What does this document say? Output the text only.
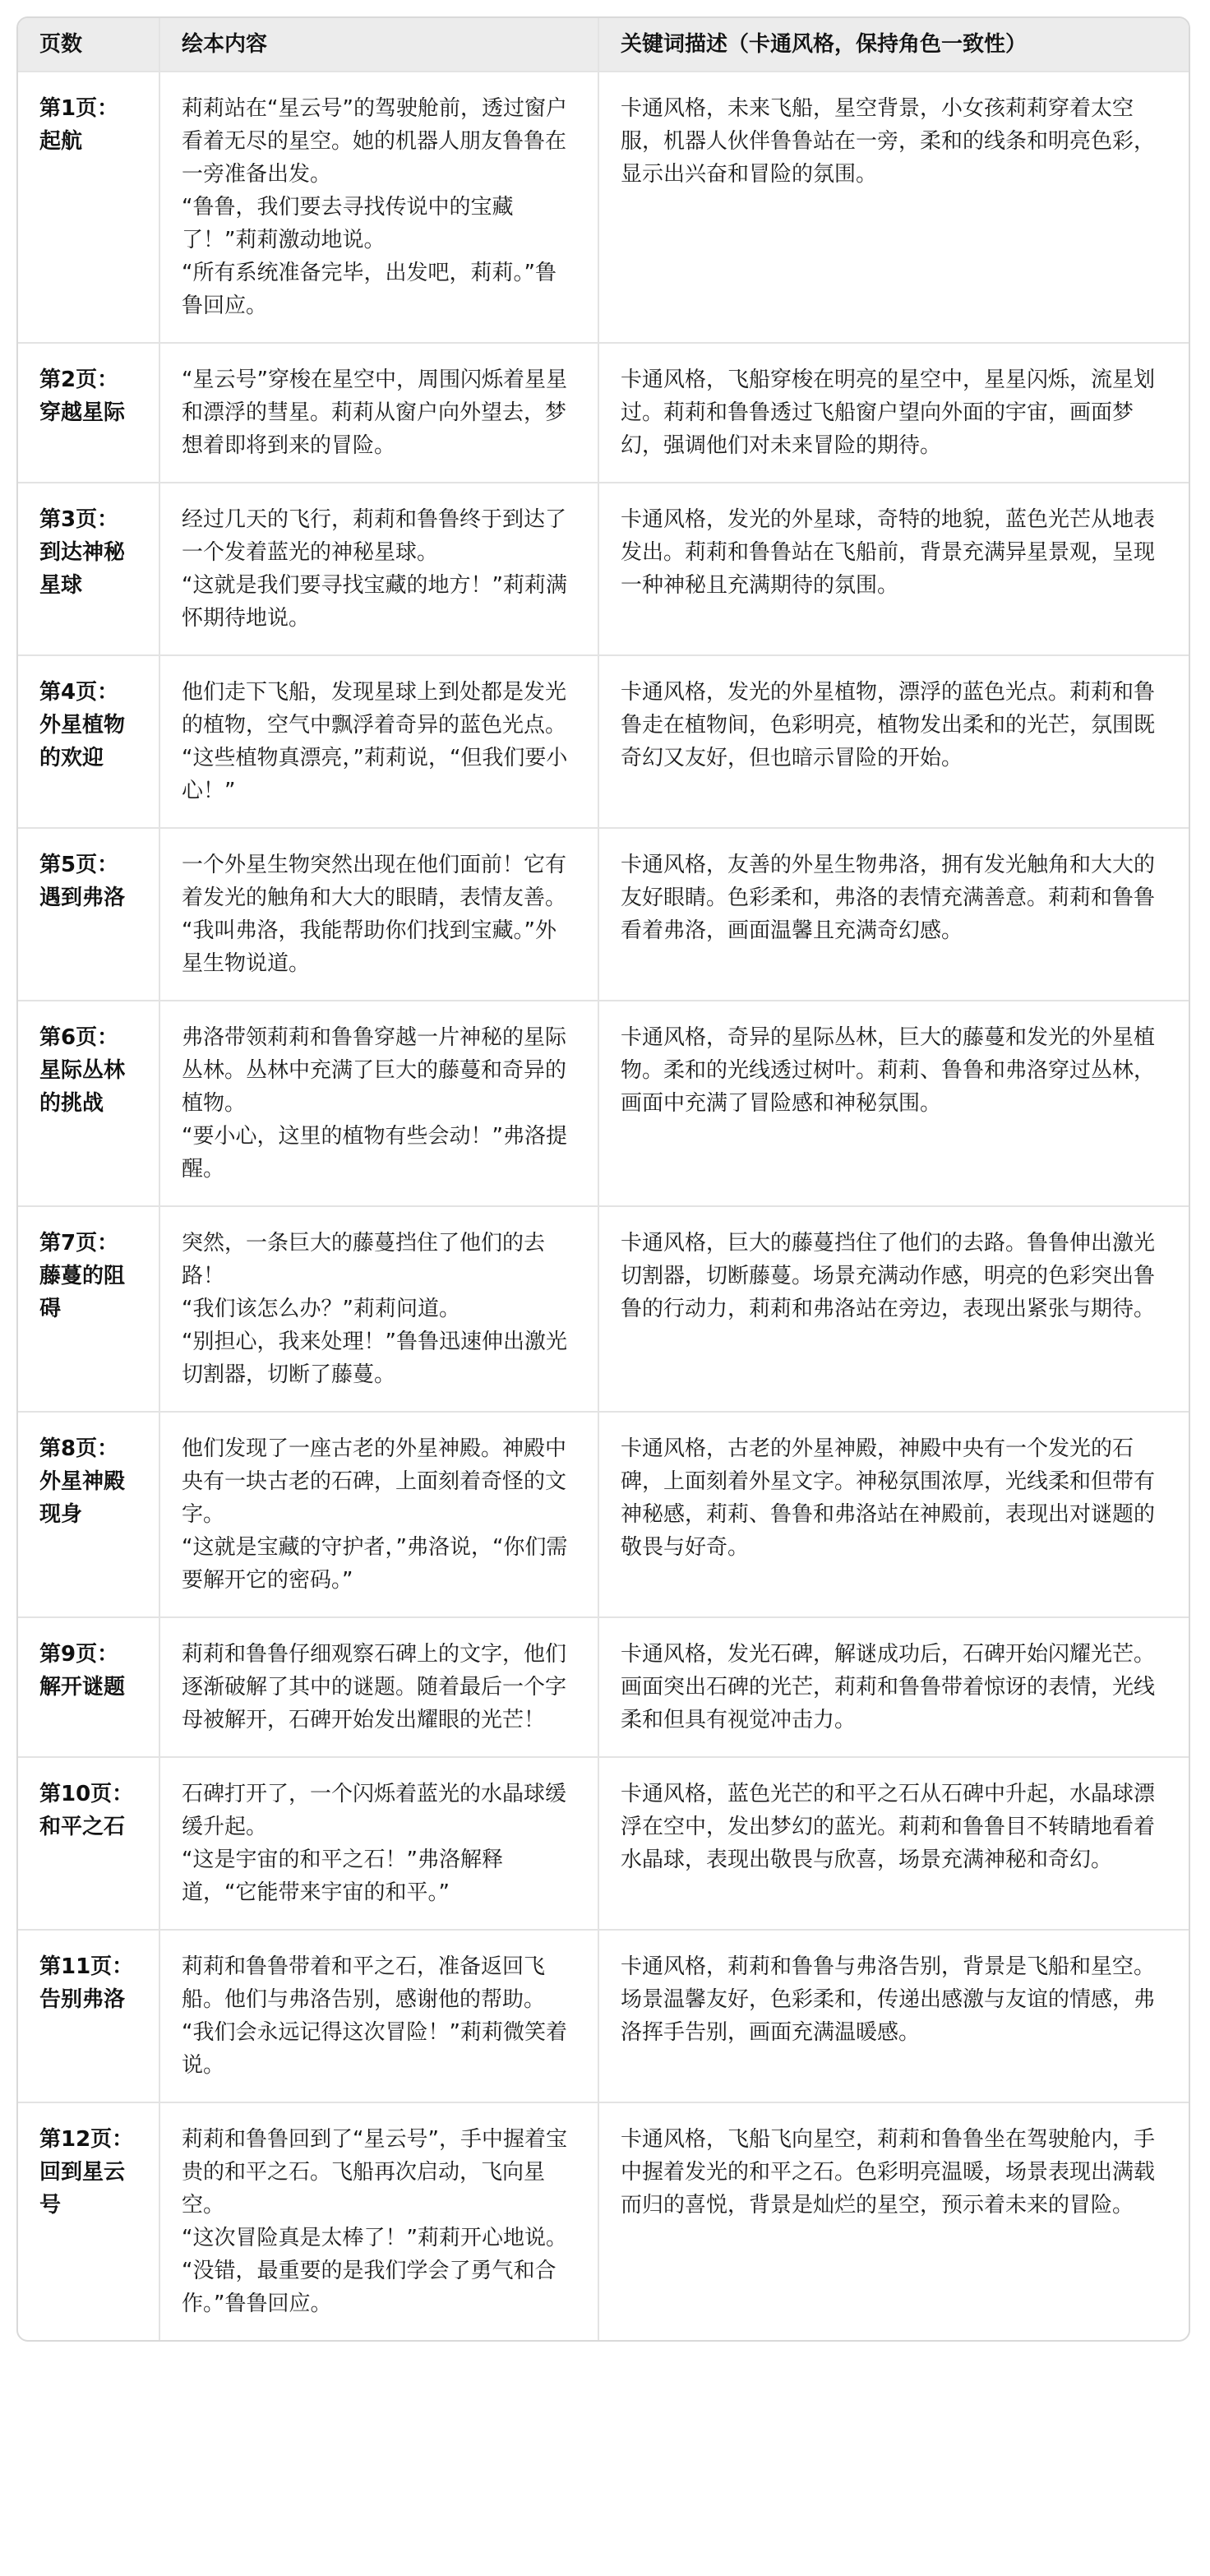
页数	绘本内容	关键词描述（卡通风格，保持角色一致性）
第1页：起航	莉莉站在“星云号”的驾驶舱前，透过窗户看着无尽的星空。她的机器人朋友鲁鲁在一旁准备出发。

“鲁鲁，我们要去寻找传说中的宝藏了！”莉莉激动地说。

“所有系统准备完毕，出发吧，莉莉。”鲁鲁回应。	卡通风格，未来飞船，星空背景，小女孩莉莉穿着太空服，机器人伙伴鲁鲁站在一旁，柔和的线条和明亮色彩，显示出兴奋和冒险的氛围。
第2页：穿越星际	“星云号”穿梭在星空中，周围闪烁着星星和漂浮的彗星。莉莉从窗户向外望去，梦想着即将到来的冒险。	卡通风格，飞船穿梭在明亮的星空中，星星闪烁，流星划过。莉莉和鲁鲁透过飞船窗户望向外面的宇宙，画面梦幻，强调他们对未来冒险的期待。
第3页：到达神秘星球	经过几天的飞行，莉莉和鲁鲁终于到达了一个发着蓝光的神秘星球。

“这就是我们要寻找宝藏的地方！”莉莉满怀期待地说。	卡通风格，发光的外星球，奇特的地貌，蓝色光芒从地表发出。莉莉和鲁鲁站在飞船前，背景充满异星景观，呈现一种神秘且充满期待的氛围。
第4页：外星植物的欢迎	他们走下飞船，发现星球上到处都是发光的植物，空气中飘浮着奇异的蓝色光点。

“这些植物真漂亮，”莉莉说，“但我们要小心！”	卡通风格，发光的外星植物，漂浮的蓝色光点。莉莉和鲁鲁走在植物间，色彩明亮，植物发出柔和的光芒，氛围既奇幻又友好，但也暗示冒险的开始。
第5页：遇到弗洛	一个外星生物突然出现在他们面前！它有着发光的触角和大大的眼睛，表情友善。

“我叫弗洛，我能帮助你们找到宝藏。”外星生物说道。	卡通风格，友善的外星生物弗洛，拥有发光触角和大大的友好眼睛。色彩柔和，弗洛的表情充满善意。莉莉和鲁鲁看着弗洛，画面温馨且充满奇幻感。
第6页：星际丛林的挑战	弗洛带领莉莉和鲁鲁穿越一片神秘的星际丛林。丛林中充满了巨大的藤蔓和奇异的植物。

“要小心，这里的植物有些会动！”弗洛提醒。	卡通风格，奇异的星际丛林，巨大的藤蔓和发光的外星植物。柔和的光线透过树叶。莉莉、鲁鲁和弗洛穿过丛林，画面中充满了冒险感和神秘氛围。
第7页：藤蔓的阻碍	突然，一条巨大的藤蔓挡住了他们的去路！

“我们该怎么办？”莉莉问道。

“别担心，我来处理！”鲁鲁迅速伸出激光切割器，切断了藤蔓。	卡通风格，巨大的藤蔓挡住了他们的去路。鲁鲁伸出激光切割器，切断藤蔓。场景充满动作感，明亮的色彩突出鲁鲁的行动力，莉莉和弗洛站在旁边，表现出紧张与期待。
第8页：外星神殿现身	他们发现了一座古老的外星神殿。神殿中央有一块古老的石碑，上面刻着奇怪的文字。

“这就是宝藏的守护者，”弗洛说，“你们需要解开它的密码。”	卡通风格，古老的外星神殿，神殿中央有一个发光的石碑，上面刻着外星文字。神秘氛围浓厚，光线柔和但带有神秘感，莉莉、鲁鲁和弗洛站在神殿前，表现出对谜题的敬畏与好奇。
第9页：解开谜题	莉莉和鲁鲁仔细观察石碑上的文字，他们逐渐破解了其中的谜题。随着最后一个字母被解开，石碑开始发出耀眼的光芒！	卡通风格，发光石碑，解谜成功后，石碑开始闪耀光芒。画面突出石碑的光芒，莉莉和鲁鲁带着惊讶的表情，光线柔和但具有视觉冲击力。
第10页：和平之石	石碑打开了，一个闪烁着蓝光的水晶球缓缓升起。

“这是宇宙的和平之石！”弗洛解释道，“它能带来宇宙的和平。”	卡通风格，蓝色光芒的和平之石从石碑中升起，水晶球漂浮在空中，发出梦幻的蓝光。莉莉和鲁鲁目不转睛地看着水晶球，表现出敬畏与欣喜，场景充满神秘和奇幻。
第11页：告别弗洛	莉莉和鲁鲁带着和平之石，准备返回飞船。他们与弗洛告别，感谢他的帮助。

“我们会永远记得这次冒险！”莉莉微笑着说。	卡通风格，莉莉和鲁鲁与弗洛告别，背景是飞船和星空。场景温馨友好，色彩柔和，传递出感激与友谊的情感，弗洛挥手告别，画面充满温暖感。
第12页：回到星云号	莉莉和鲁鲁回到了“星云号”，手中握着宝贵的和平之石。飞船再次启动，飞向星空。

“这次冒险真是太棒了！”莉莉开心地说。

“没错，最重要的是我们学会了勇气和合作。”鲁鲁回应。	卡通风格，飞船飞向星空，莉莉和鲁鲁坐在驾驶舱内，手中握着发光的和平之石。色彩明亮温暖，场景表现出满载而归的喜悦，背景是灿烂的星空，预示着未来的冒险。
